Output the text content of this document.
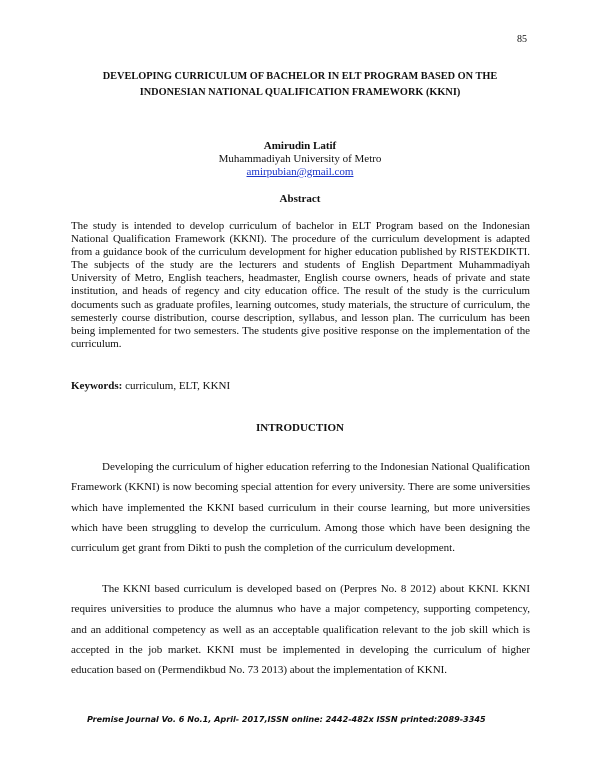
85
DEVELOPING CURRICULUM OF BACHELOR IN ELT PROGRAM BASED ON THE
INDONESIAN NATIONAL QUALIFICATION FRAMEWORK (KKNI)
Amirudin Latif
Muhammadiyah University of Metro
amirpubian@gmail.com
Abstract

The study is intended to develop curriculum of bachelor in ELT Program based on the Indonesian National Qualification Framework (KKNI). The procedure of the curriculum development is adapted from a guidance book of the curriculum development for higher education published by RISTEKDIKTI. The subjects of the study are the lecturers and students of English Department Muhammadiyah University of Metro, English teachers, headmaster, English course owners, heads of private and state institution, and heads of regency and city education office. The result of the study is the curriculum documents such as graduate profiles, learning outcomes, study materials, the structure of curriculum, the semesterly course distribution, course description, syllabus, and lesson plan. The curriculum has been being implemented for two semesters. The students give positive response on the implementation of the curriculum.

Keywords: curriculum, ELT, KKNI
INTRODUCTION

Developing the curriculum of higher education referring to the Indonesian National Qualification Framework (KKNI) is now becoming special attention for every university. There are some universities which have implemented the KKNI based curriculum in their course learning, but more universities which have been struggling to develop the curriculum. Among those which have been designing the curriculum get grant from Dikti to push the completion of the curriculum development.

The KKNI based curriculum is developed based on (Perpres No. 8 2012) about KKNI. KKNI requires universities to produce the alumnus who have a major competency, supporting competency, and an additional competency as well as an acceptable qualification relevant to the job skill which is accepted in the job market. KKNI must be implemented in developing the curriculum of higher education based on (Permendikbud No. 73 2013) about the implementation of KKNI.

Premise Journal Vo. 6 No.1, April- 2017,ISSN online: 2442-482x ISSN printed:2089-3345
